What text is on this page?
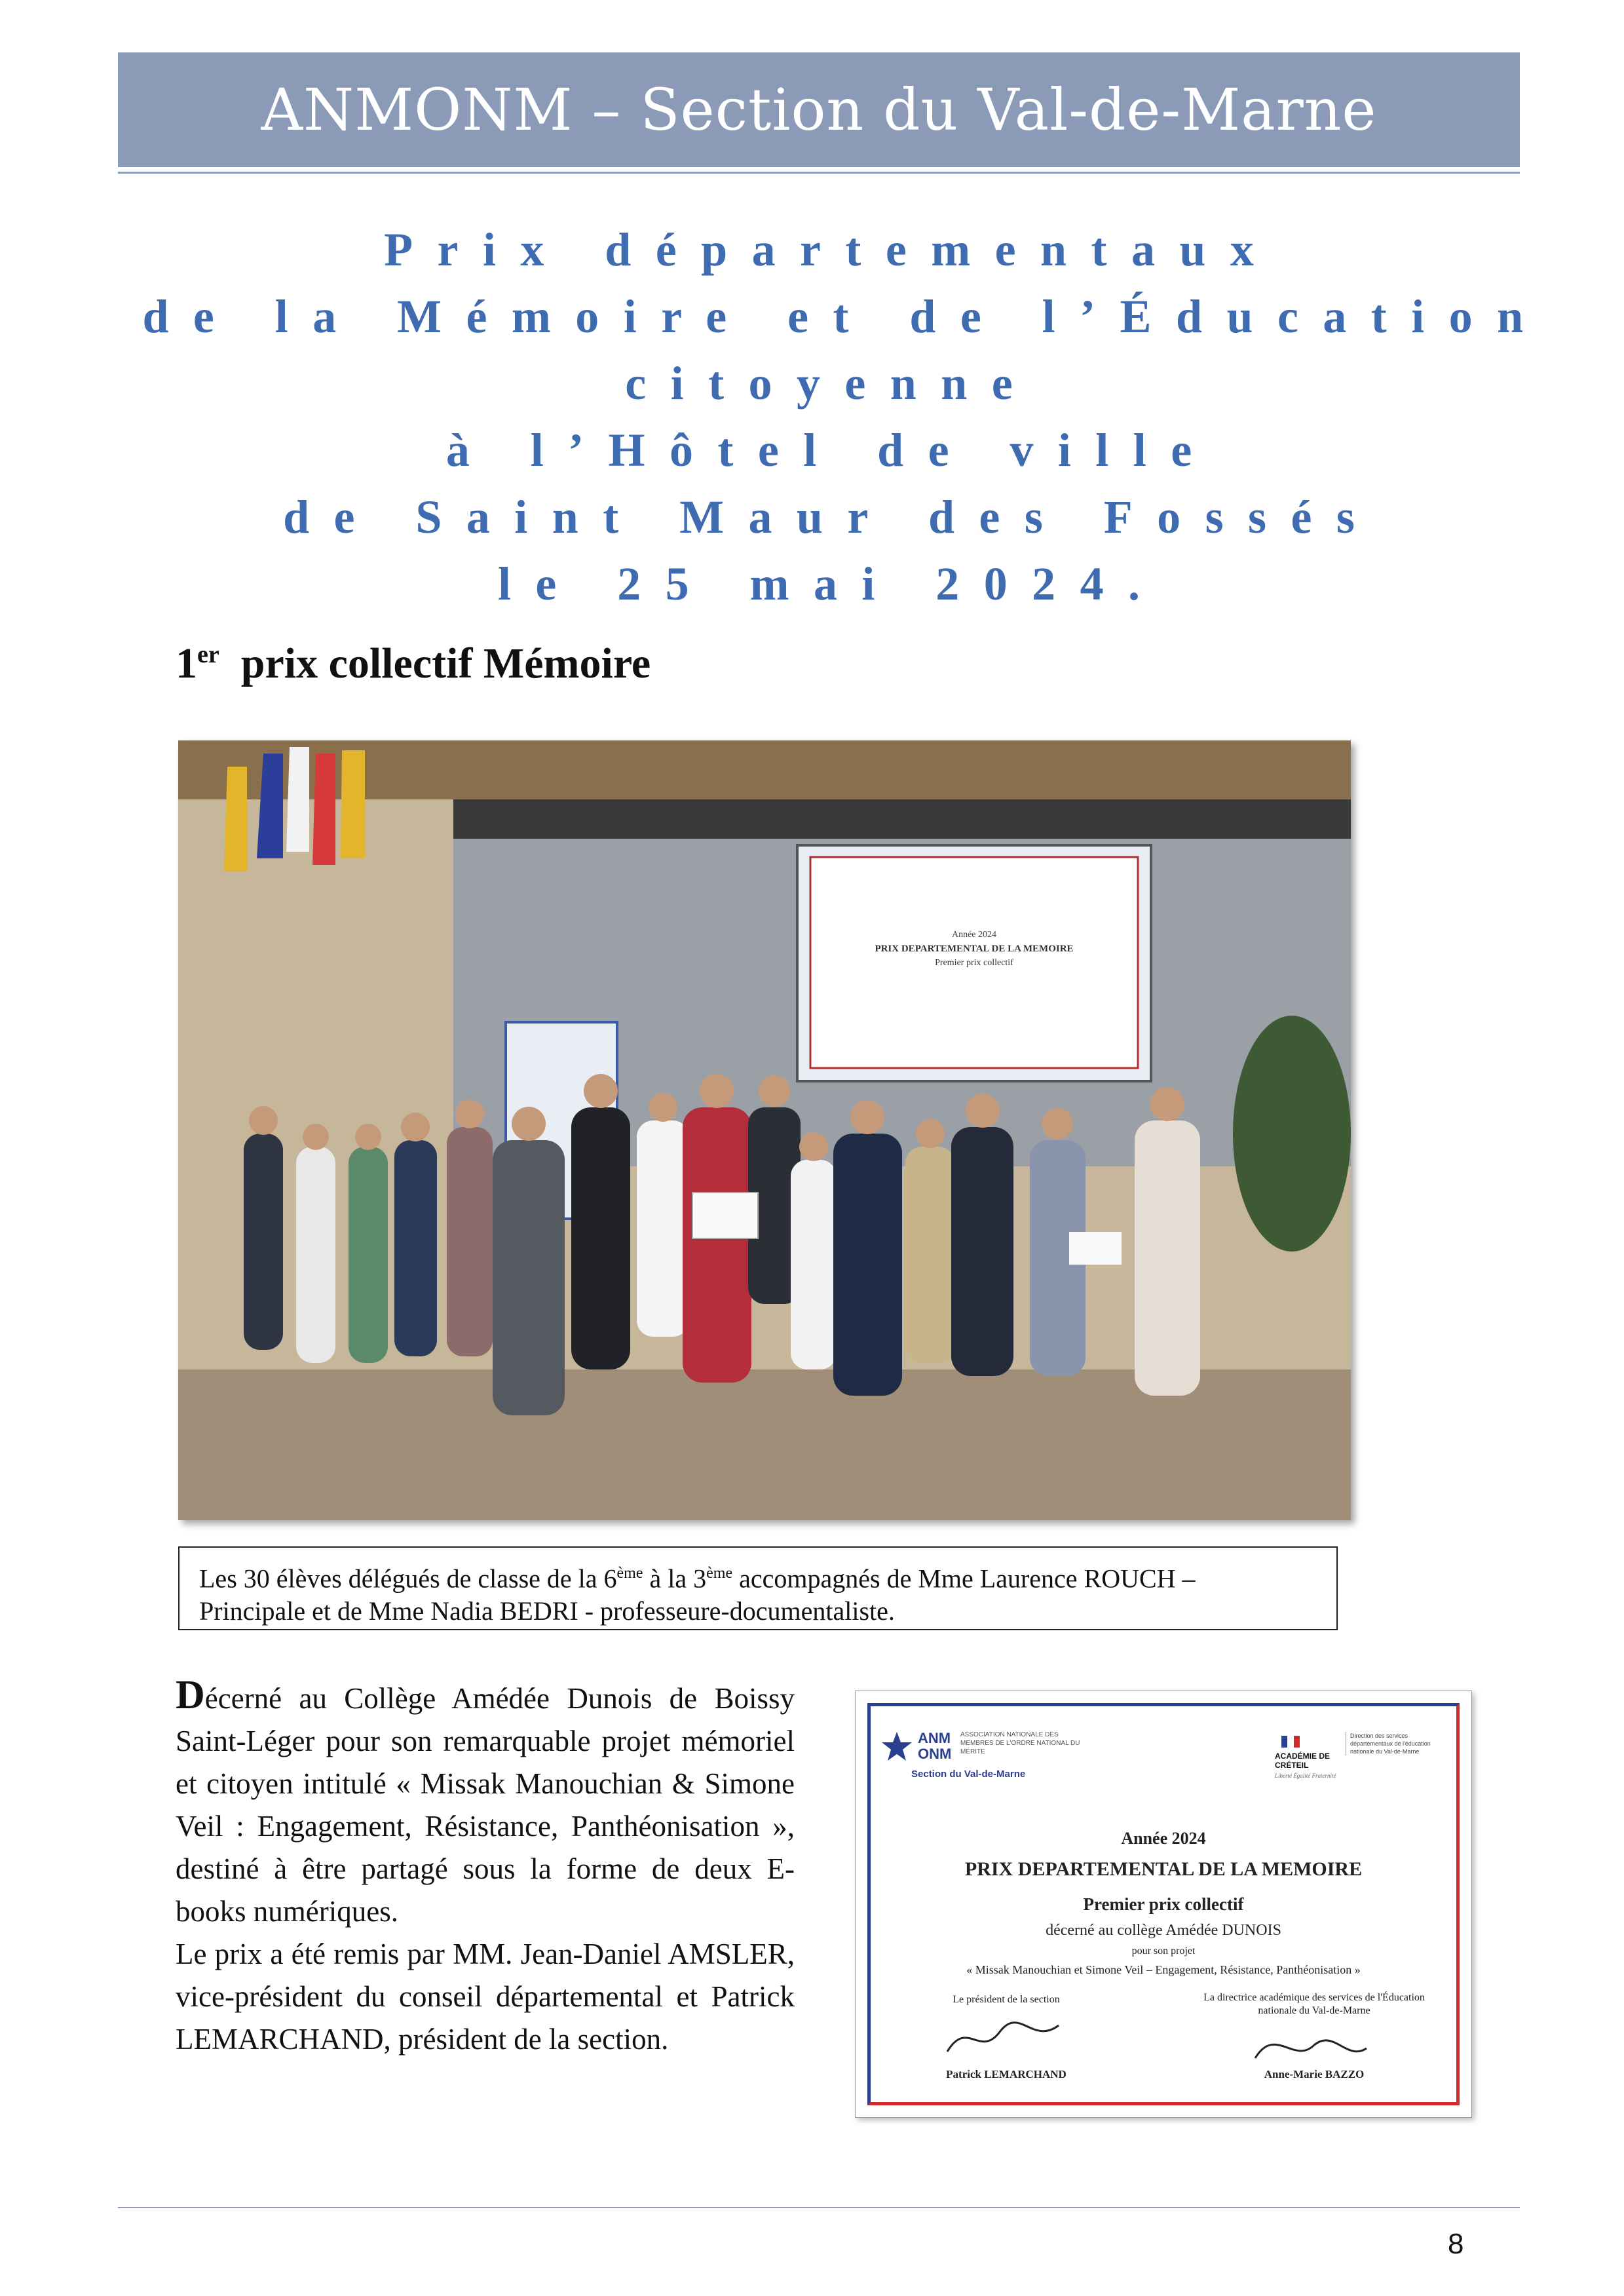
ANMONM – Section du Val-de-Marne
Prix départementaux
de la Mémoire et de l’Éducation
citoyenne
à l’Hôtel de ville
de Saint Maur des Fossés
le 25 mai 2024.
1er prix collectif Mémoire
Année 2024
PRIX DEPARTEMENTAL DE LA MEMOIRE
Premier prix collectif
Les 30 élèves délégués de classe de la 6ème à la 3ème accompagnés de Mme Laurence ROUCH –
Principale et de Mme Nadia BEDRI - professeure-documentaliste.

Décerné au Collège Amédée Dunois de Boissy Saint-Léger pour son remarquable projet mémoriel et citoyen intitulé « Missak Manouchian & Simone Veil : Engagement, Résistance, Panthéonisation », destiné à être partagé sous la forme de deux E-books numériques.

Le prix a été remis par MM. Jean-Daniel AMSLER, vice-président du conseil départemental et Patrick LEMARCHAND, président de la section.

ANM ONM
ASSOCIATION NATIONALE DES MEMBRES DE L'ORDRE NATIONAL DU MÉRITE
Section du Val-de-Marne
ACADÉMIE DE CRÉTEIL
Liberté Égalité Fraternité
Direction des services départementaux de l'éducation nationale du Val-de-Marne
Année 2024
PRIX DEPARTEMENTAL DE LA MEMOIRE
Premier prix collectif
décerné au collège Amédée DUNOIS
pour son projet
« Missak Manouchian et Simone Veil – Engagement, Résistance, Panthéonisation »
Le président de la section
Patrick LEMARCHAND
La directrice académique des services de l'Éducation nationale du Val-de-Marne
Anne-Marie BAZZO
8
